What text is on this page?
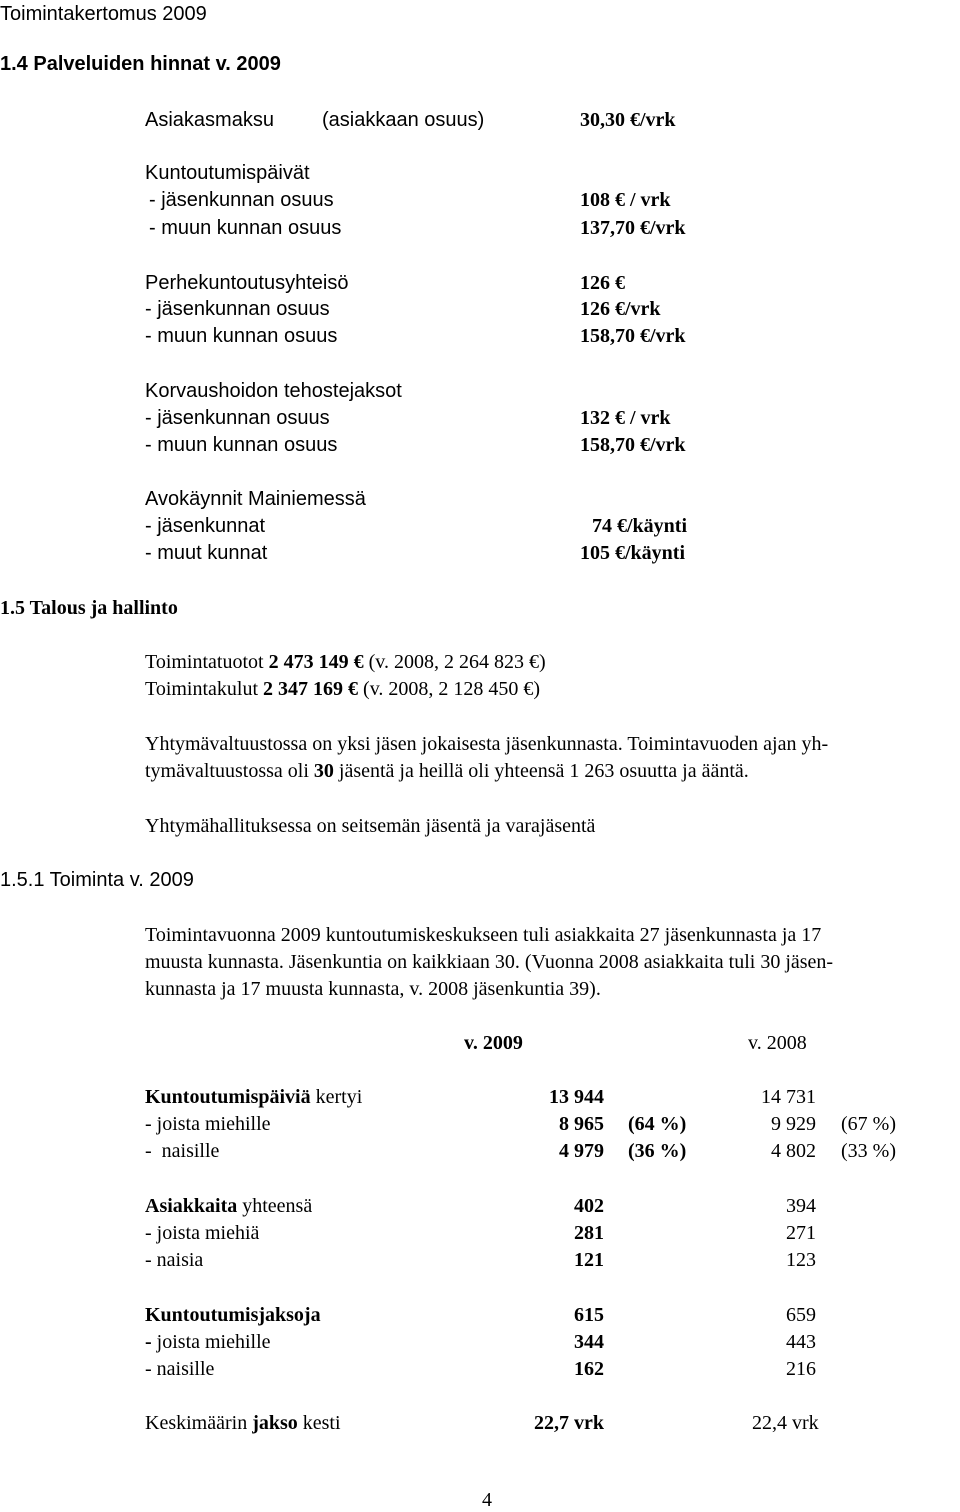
Toimintakertomus 2009
1.4 Palveluiden hinnat v. 2009
Asiakasmaksu (asiakkaan osuus)	30,30 €/vrk
Kuntoutumispäivät
- jäsenkunnan osuus	108 € / vrk
- muun kunnan osuus	137,70 €/vrk
Perhekuntoutusyhteisö	126 €
- jäsenkunnan osuus	126 €/vrk
- muun kunnan osuus	158,70 €/vrk
Korvaushoidon tehostejaksot
- jäsenkunnan osuus	132 € / vrk
- muun kunnan osuus	158,70 €/vrk
Avokäynnit Mainiemessä
- jäsenkunnat	74 €/käynti
- muut kunnat	105 €/käynti
1.5 Talous ja hallinto
Toimintatuotot 2 473 149 € (v. 2008, 2 264 823 €)
Toimintakulut 2 347 169 € (v. 2008, 2 128 450 €)
Yhtymävaltuustossa on yksi jäsen jokaisesta jäsenkunnasta. Toimintavuoden ajan yh-
tymävaltuustossa oli 30 jäsentä ja heillä oli yhteensä 1 263 osuutta ja ääntä.
Yhtymähallituksessa on seitsemän jäsentä ja varajäsentä
1.5.1 Toiminta v. 2009
Toimintavuonna 2009 kuntoutumiskeskukseen tuli asiakkaita 27 jäsenkunnasta ja 17
muusta kunnasta. Jäsenkuntia on kaikkiaan 30. (Vuonna 2008 asiakkaita tuli 30 jäsen-
kunnasta ja 17 muusta kunnasta, v. 2008 jäsenkuntia 39).
v. 2009	v. 2008
Kuntoutumispäiviä kertyi	13 944	14 731
- joista miehille	8 965 (64 %)	9 929 (67 %)
-  naisille	4 979 (36 %)	4 802 (33 %)
Asiakkaita yhteensä	402	394
- joista miehiä	281	271
- naisia	121	123
Kuntoutumisjaksoja	615	659
- joista miehille	344	443
- naisille	162	216
Keskimäärin jakso kesti	22,7 vrk	22,4 vrk
4
